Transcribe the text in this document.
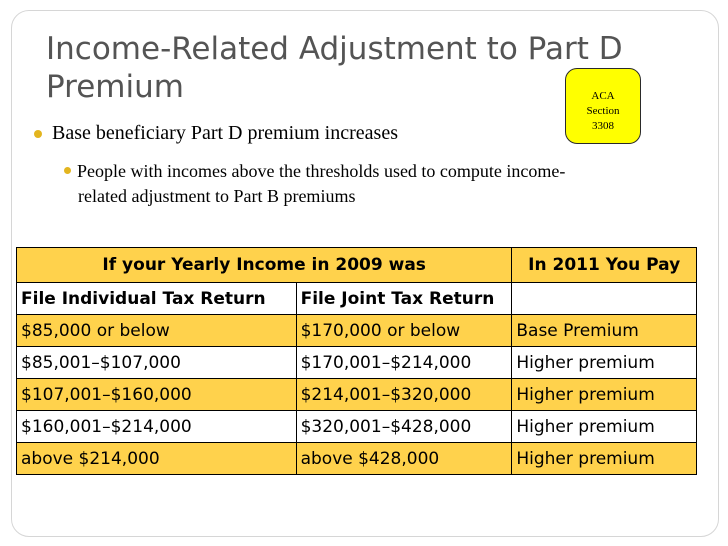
Income-Related Adjustment to Part D
Premium	ACA
Section
3308
Base beneficiary Part D premium increases
People with incomes above the thresholds used to compute income-
related adjustment to Part B premiums
If your Yearly Income in 2009 was		In 2011 You Pay
File Individual Tax Return	File Joint Tax Return	
$85,000 or below	$170,000 or below	Base Premium
$85,001–$107,000	$170,001–$214,000	Higher premium
$107,001–$160,000	$214,001–$320,000	Higher premium
$160,001–$214,000	$320,001–$428,000	Higher premium
above $214,000	above $428,000	Higher premium
